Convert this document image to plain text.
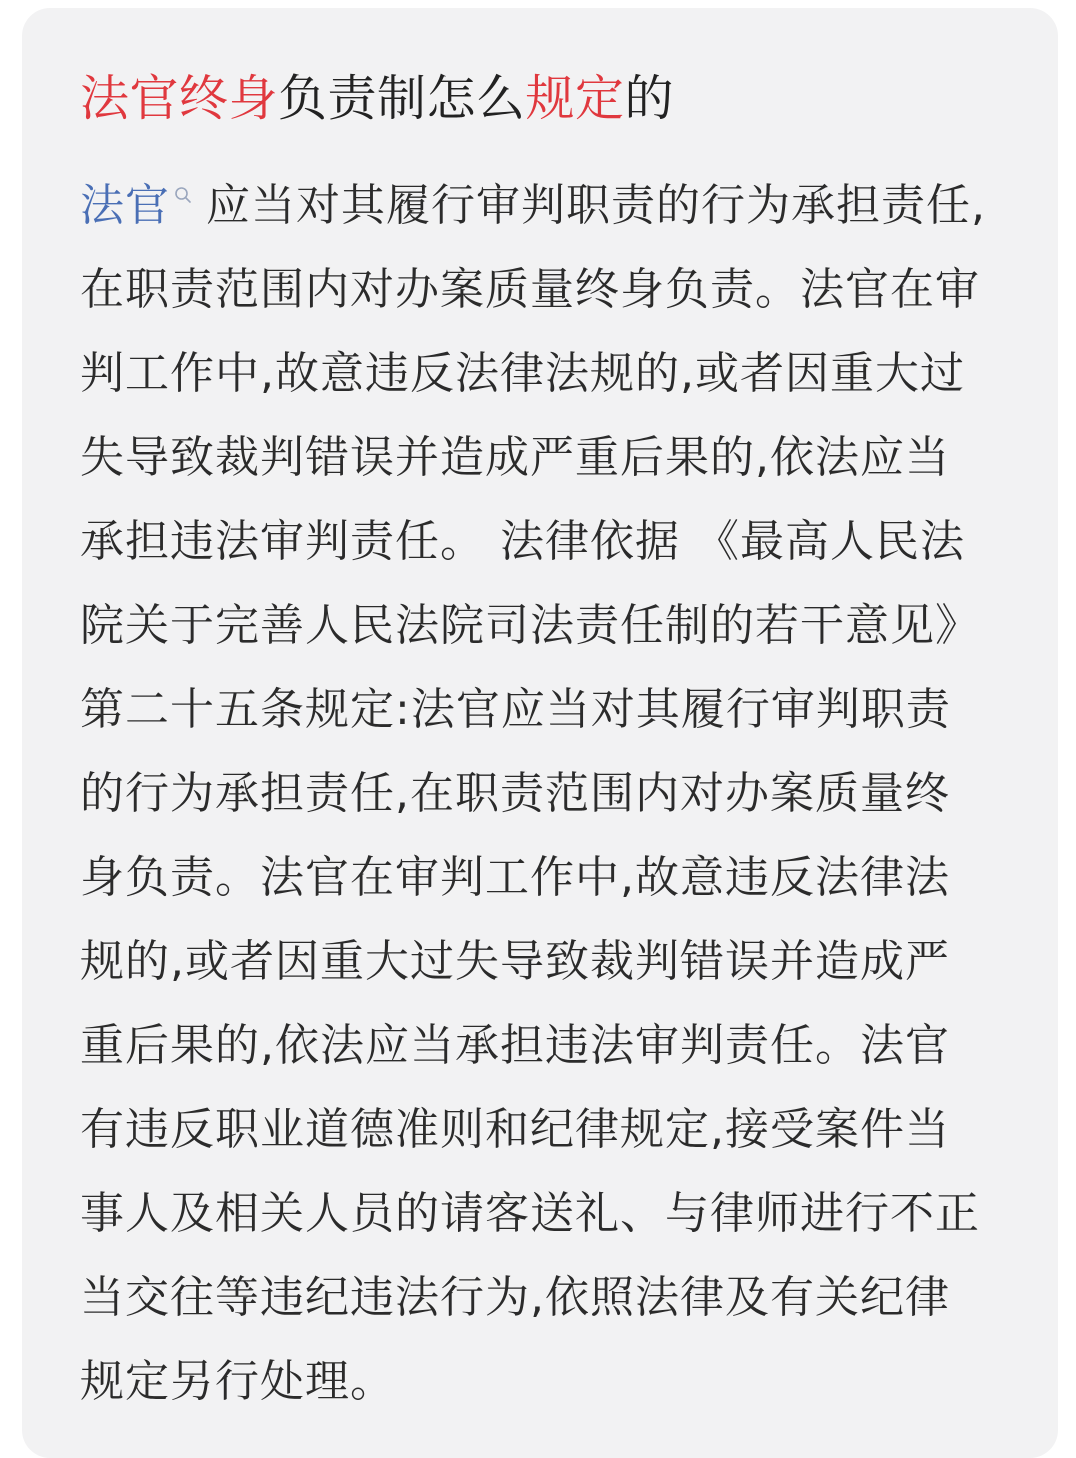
法官终身负责制怎么规定的
法官 应当对其履行审判职责的行为承担责任,
在职责范围内对办案质量终身负责。法官在审
判工作中,故意违反法律法规的,或者因重大过
失导致裁判错误并造成严重后果的,依法应当
承担违法审判责任。 法律依据 《最高人民法
院关于完善人民法院司法责任制的若干意见》
第二十五条规定:法官应当对其履行审判职责
的行为承担责任,在职责范围内对办案质量终
身负责。法官在审判工作中,故意违反法律法
规的,或者因重大过失导致裁判错误并造成严
重后果的,依法应当承担违法审判责任。法官
有违反职业道德准则和纪律规定,接受案件当
事人及相关人员的请客送礼、与律师进行不正
当交往等违纪违法行为,依照法律及有关纪律
规定另行处理。
